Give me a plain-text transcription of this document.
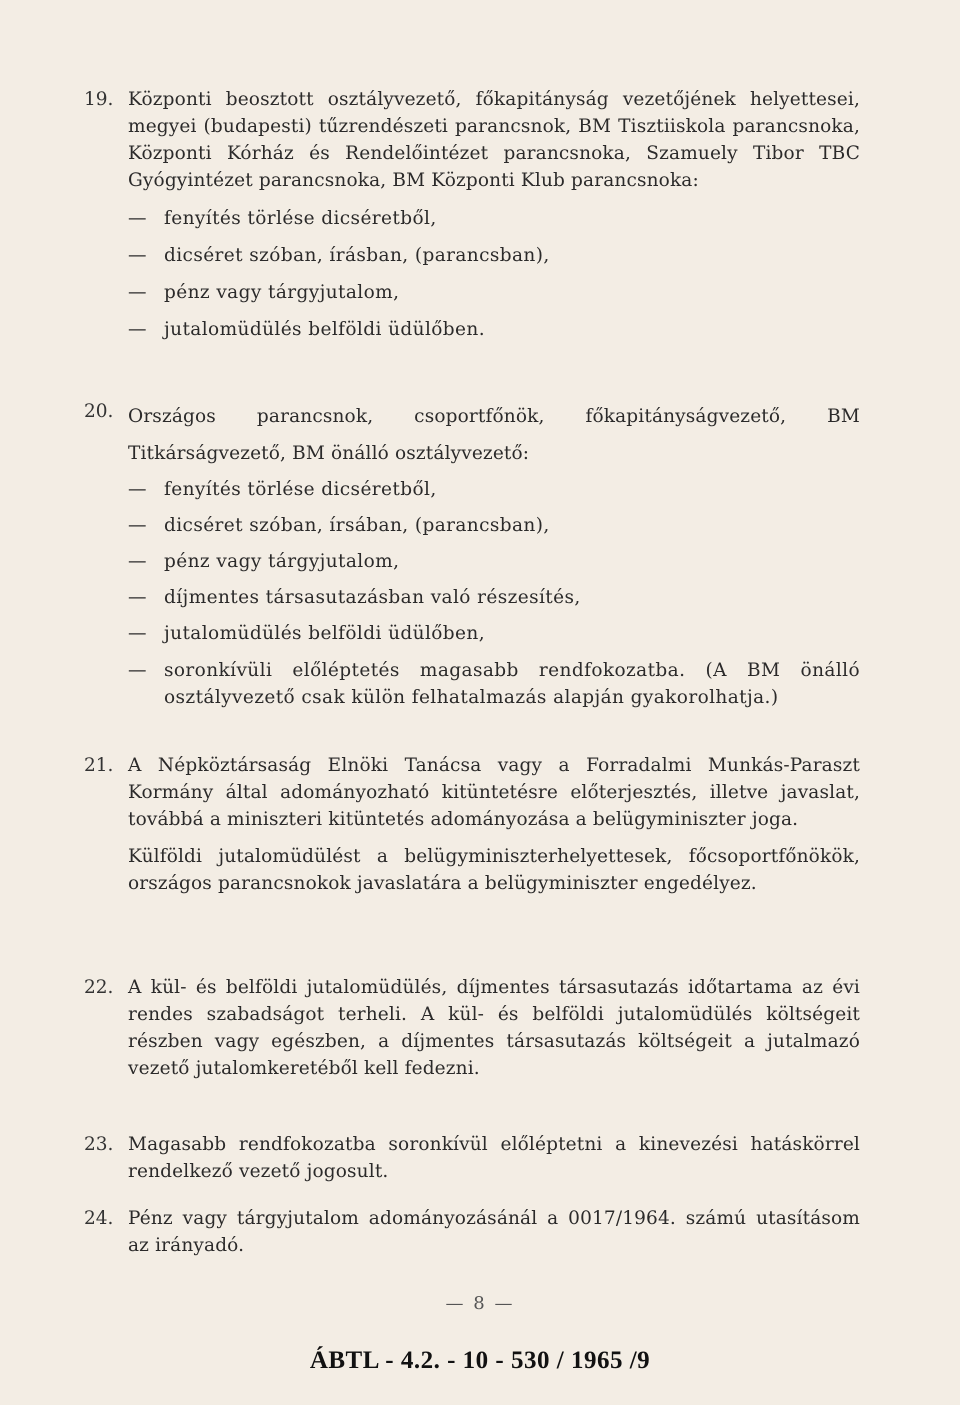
19. Központi beosztott osztályvezető, főkapitányság vezetőjének helyettesei, megyei (budapesti) tűzrendészeti parancsnok, BM Tisztiiskola parancsnoka, Központi Kórház és Rendelőintézet parancsnoka, Szamuely Tibor TBC Gyógyintézet parancsnoka, BM Központi Klub parancsnoka:
— fenyítés törlése dicséretből,
— dicséret szóban, írásban, (parancsban),
— pénz vagy tárgyjutalom,
— jutalomüdülés belföldi üdülőben.
20. Országos parancsnok, csoportfőnök, főkapitányságvezető, BM Titkárságvezető, BM önálló osztályvezető:
— fenyítés törlése dicséretből,
— dicséret szóban, írsában, (parancsban),
— pénz vagy tárgyjutalom,
— díjmentes társasutazásban való részesítés,
— jutalomüdülés belföldi üdülőben,
— soronkívüli előléptetés magasabb rendfokozatba. (A BM önálló osztályvezető csak külön felhatalmazás alapján gyakorolhatja.)
21. A Népköztársaság Elnöki Tanácsa vagy a Forradalmi Munkás-Paraszt Kormány által adományozható kitüntetésre előterjesztés, illetve javaslat, továbbá a miniszteri kitüntetés adományozása a belügyminiszter joga.
Külföldi jutalomüdülést a belügyminiszterhelyettesek, főcsoportfőnökök, országos parancsnokok javaslatára a belügyminiszter engedélyez.
22. A kül- és belföldi jutalomüdülés, díjmentes társasutazás időtartama az évi rendes szabadságot terheli. A kül- és belföldi jutalomüdülés költségeit részben vagy egészben, a díjmentes társasutazás költségeit a jutalmazó vezető jutalomkeretéből kell fedezni.
23. Magasabb rendfokozatba soronkívül előléptetni a kinevezési hatáskörrel rendelkező vezető jogosult.
24. Pénz vagy tárgyjutalom adományozásánál a 0017/1964. számú utasításom az irányadó.
— 8 —
ÁBTL - 4.2. - 10 - 530 / 1965 /9
